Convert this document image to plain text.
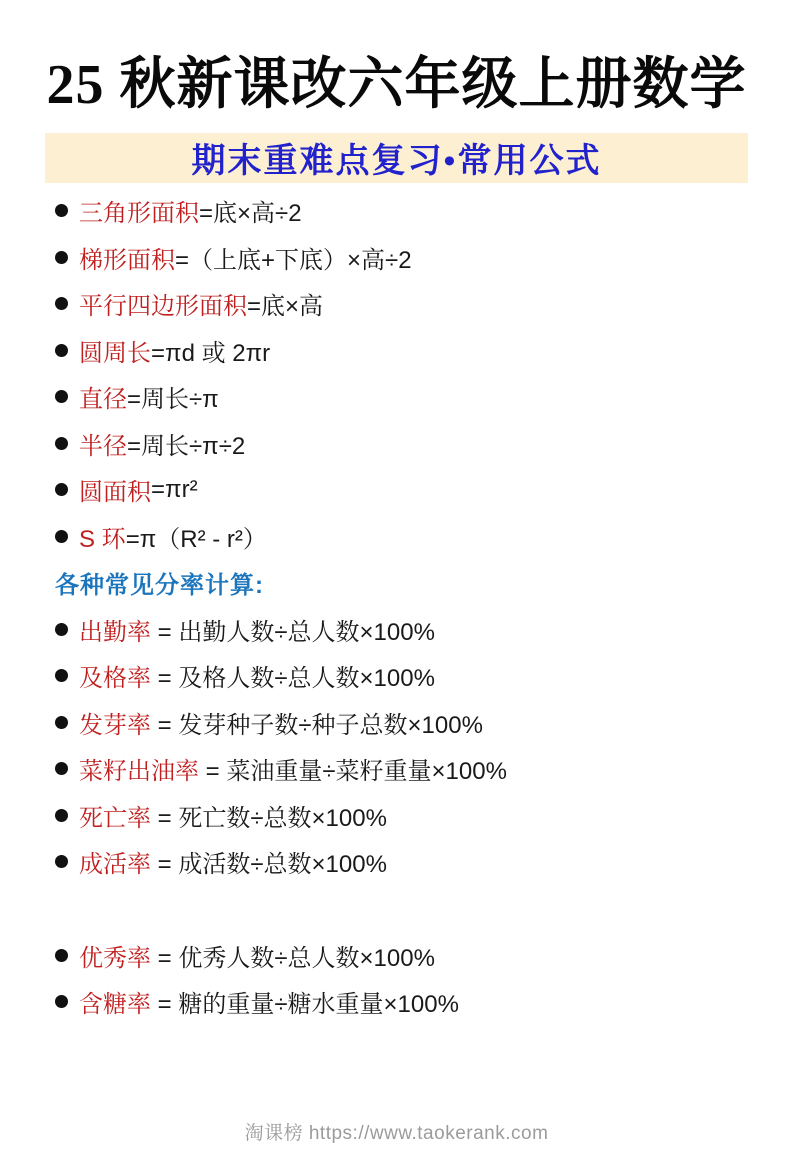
25 秋新课改六年级上册数学
期末重难点复习•常用公式
三角形面积 =底×高÷2
梯形面积 =（上底+下底）×高÷2
平行四边形面积 =底×高
圆周长 =πd 或 2πr
直径 =周长÷π
半径 =周长÷π÷2
圆面积 =πr²
S 环 =π（R² - r²）
各种常见分率计算:
出勤率 = 出勤人数÷总人数×100%
及格率 = 及格人数÷总人数×100%
发芽率 = 发芽种子数÷种子总数×100%
菜籽出油率 = 菜油重量÷菜籽重量×100%
死亡率 = 死亡数÷总数×100%
成活率 = 成活数÷总数×100%
优秀率 = 优秀人数÷总人数×100%
含糖率 = 糖的重量÷糖水重量×100%
淘课榜 https://www.taokerank.com
